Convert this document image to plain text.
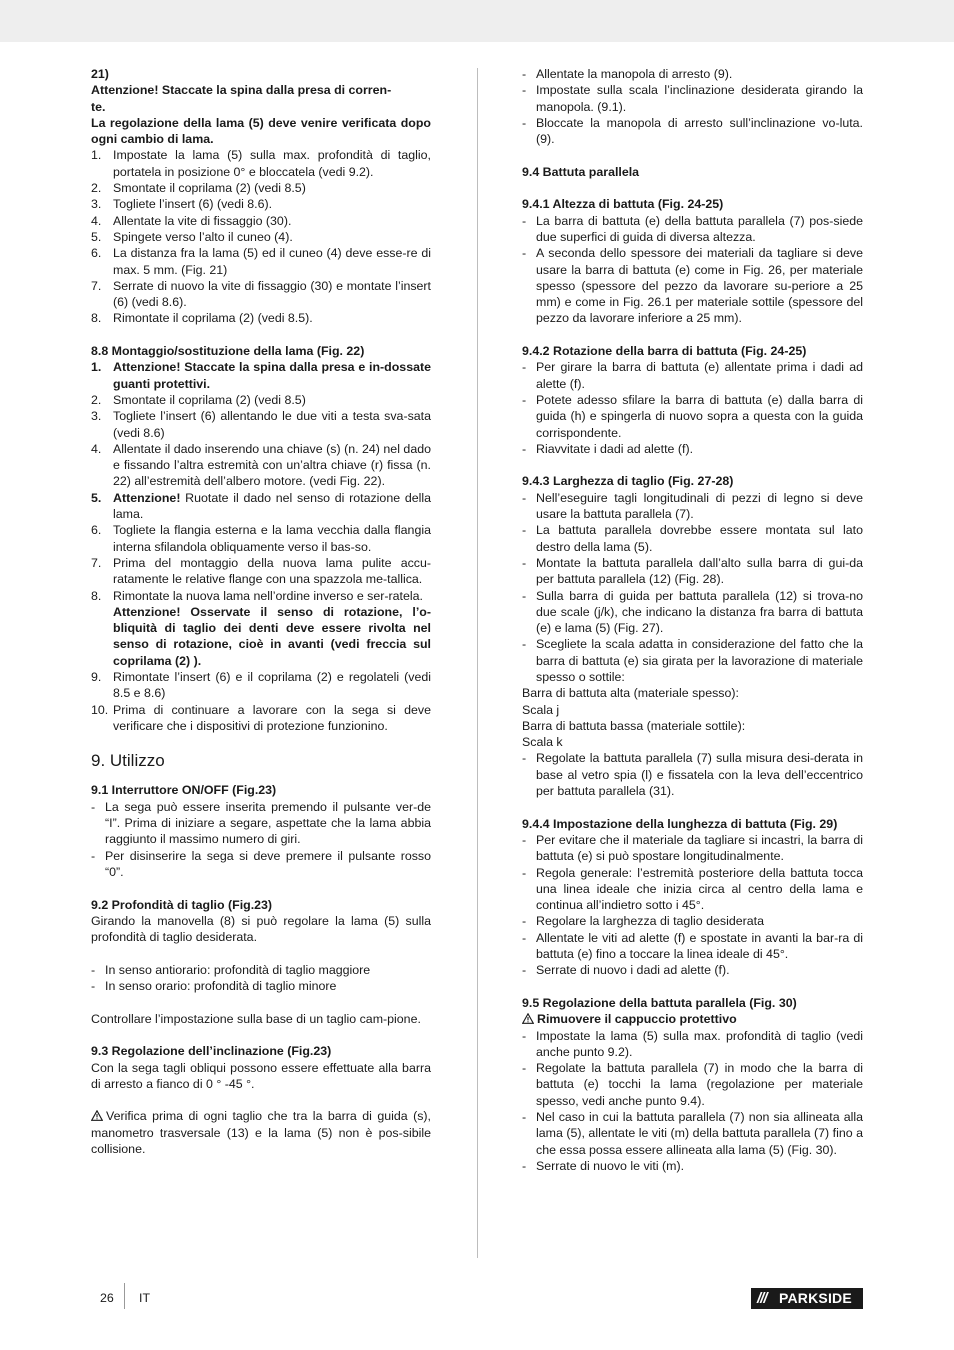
21)

Attenzione! Staccate la spina dalla presa di corren-
te.

La regolazione della lama (5) deve venire verificata dopo ogni cambio di lama.

1. Impostate la lama (5) sulla max. profondità di taglio, portatela in posizione 0° e bloccatela (vedi 9.2).

2. Smontate il coprilama (2) (vedi 8.5)

3. Togliete l’insert (6) (vedi 8.6).

4. Allentate la vite di fissaggio (30).

5. Spingete verso l’alto il cuneo (4).

6. La distanza fra la lama (5) ed il cuneo (4) deve esse-re di max. 5 mm. (Fig. 21)

7. Serrate di nuovo la vite di fissaggio (30) e montate l’insert (6) (vedi 8.6).

8. Rimontate il coprilama (2) (vedi 8.5).

8.8 Montaggio/sostituzione della lama (Fig. 22)

1. Attenzione! Staccate la spina dalla presa e in-dossate guanti protettivi.

2. Smontate il coprilama (2) (vedi 8.5)

3. Togliete l’insert (6) allentando le due viti a testa sva-sata (vedi 8.6)

4. Allentate il dado inserendo una chiave (s) (n. 24) nel dado e fissando l’altra estremità con un’altra chiave (r) fissa (n. 22) all’estremità dell’albero motore. (vedi Fig. 22).

5. Attenzione! Ruotate il dado nel senso di rotazione della lama.

6. Togliete la flangia esterna e la lama vecchia dalla flangia interna sfilandola obliquamente verso il bas-so.

7. Prima del montaggio della nuova lama pulite accu-ratamente le relative flange con una spazzola me-tallica.

8. Rimontate la nuova lama nell’ordine inverso e ser-ratela.

Attenzione! Osservate il senso di rotazione, l’o-bliquità di taglio dei denti deve essere rivolta nel senso di rotazione, cioè in avanti (vedi freccia sul coprilama (2) ).

9. Rimontate l’insert (6) e il coprilama (2) e regolateli (vedi 8.5 e 8.6)

10. Prima di continuare a lavorare con la sega si deve verificare che i dispositivi di protezione funzionino.

9. Utilizzo

9.1 Interruttore ON/OFF (Fig.23)

- La sega può essere inserita premendo il pulsante ver-de “I”. Prima di iniziare a segare, aspettate che la lama abbia raggiunto il massimo numero di giri.

- Per disinserire la sega si deve premere il pulsante rosso “0”.

9.2 Profondità di taglio (Fig.23)

Girando la manovella (8) si può regolare la lama (5) sulla profondità di taglio desiderata.

- In senso antiorario: profondità di taglio maggiore

- In senso orario: profondità di taglio minore

Controllare l’impostazione sulla base di un taglio cam-pione.

9.3 Regolazione dell’inclinazione (Fig.23)

Con la sega tagli obliqui possono essere effettuate alla barra di arresto a fianco di 0 ° -45 °.

Verifica prima di ogni taglio che tra la barra di guida (s), manometro trasversale (13) e la lama (5) non è pos-sibile collisione.

- Allentate la manopola di arresto (9).

- Impostate sulla scala l’inclinazione desiderata girando la manopola. (9.1).

- Bloccate la manopola di arresto sull’inclinazione vo-luta. (9).

9.4 Battuta parallela

9.4.1 Altezza di battuta (Fig. 24-25)

- La barra di battuta (e) della battuta parallela (7) pos-siede due superfici di guida di diversa altezza.

- A seconda dello spessore dei materiali da tagliare si deve usare la barra di battuta (e) come in Fig. 26, per materiale spesso (spessore del pezzo da lavorare su-periore a 25 mm) e come in Fig. 26.1 per materiale sottile (spessore del pezzo da lavorare inferiore a 25 mm).

9.4.2 Rotazione della barra di battuta (Fig. 24-25)

- Per girare la barra di battuta (e) allentate prima i dadi ad alette (f).

- Potete adesso sfilare la barra di battuta (e) dalla barra di guida (h) e spingerla di nuovo sopra a questa con la guida corrispondente.

- Riavvitate i dadi ad alette (f).

9.4.3 Larghezza di taglio (Fig. 27-28)

- Nell’eseguire tagli longitudinali di pezzi di legno si deve usare la battuta parallela (7).

- La battuta parallela dovrebbe essere montata sul lato destro della lama (5).

- Montate la battuta parallela dall’alto sulla barra di gui-da per battuta parallela (12) (Fig. 28).

- Sulla barra di guida per battuta parallela (12) si trova-no due scale (j/k), che indicano la distanza fra barra di battuta (e) e lama (5) (Fig. 27).

- Scegliete la scala adatta in considerazione del fatto che la barra di battuta (e) sia girata per la lavorazione di materiale spesso o sottile:

Barra di battuta alta (materiale spesso):

Scala j

Barra di battuta bassa (materiale sottile):

Scala k

- Regolate la battuta parallela (7) sulla misura desi-derata in base al vetro spia (l) e fissatela con la leva dell’eccentrico per battuta parallela (31).

9.4.4 Impostazione della lunghezza di battuta (Fig. 29)

- Per evitare che il materiale da tagliare si incastri, la barra di battuta (e) si può spostare longitudinalmente.

- Regola generale: l’estremità posteriore della battuta tocca una linea ideale che inizia circa al centro della lama e continua all’indietro sotto i 45°.

- Regolare la larghezza di taglio desiderata

- Allentate le viti ad alette (f) e spostate in avanti la bar-ra di battuta (e) fino a toccare la linea ideale di 45°.

- Serrate di nuovo i dadi ad alette (f).

9.5 Regolazione della battuta parallela (Fig. 30)

Rimuovere il cappuccio protettivo

- Impostate la lama (5) sulla max. profondità di taglio (vedi anche punto 9.2).

- Regolate la battuta parallela (7) in modo che la barra di battuta (e) tocchi la lama (regolazione per materiale spesso, vedi anche punto 9.4).

- Nel caso in cui la battuta parallela (7) non sia allineata alla lama (5), allentate le viti (m) della battuta parallela (7) fino a che essa possa essere allineata alla lama (5) (Fig. 30).

- Serrate di nuovo le viti (m).

26 IT	/// PARKSIDE
